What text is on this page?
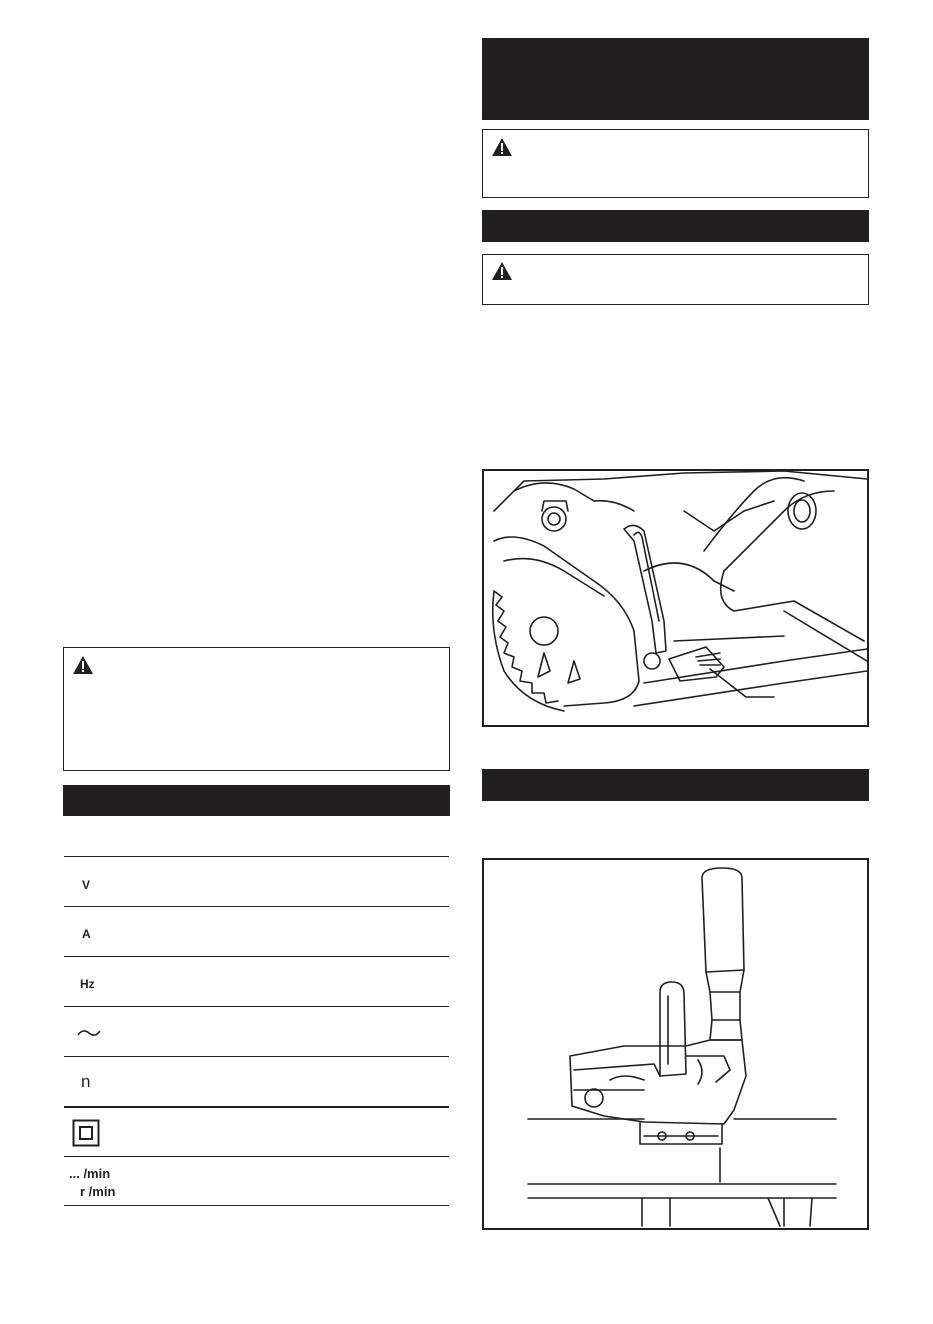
V
A
Hz
n
... /min
r /min
